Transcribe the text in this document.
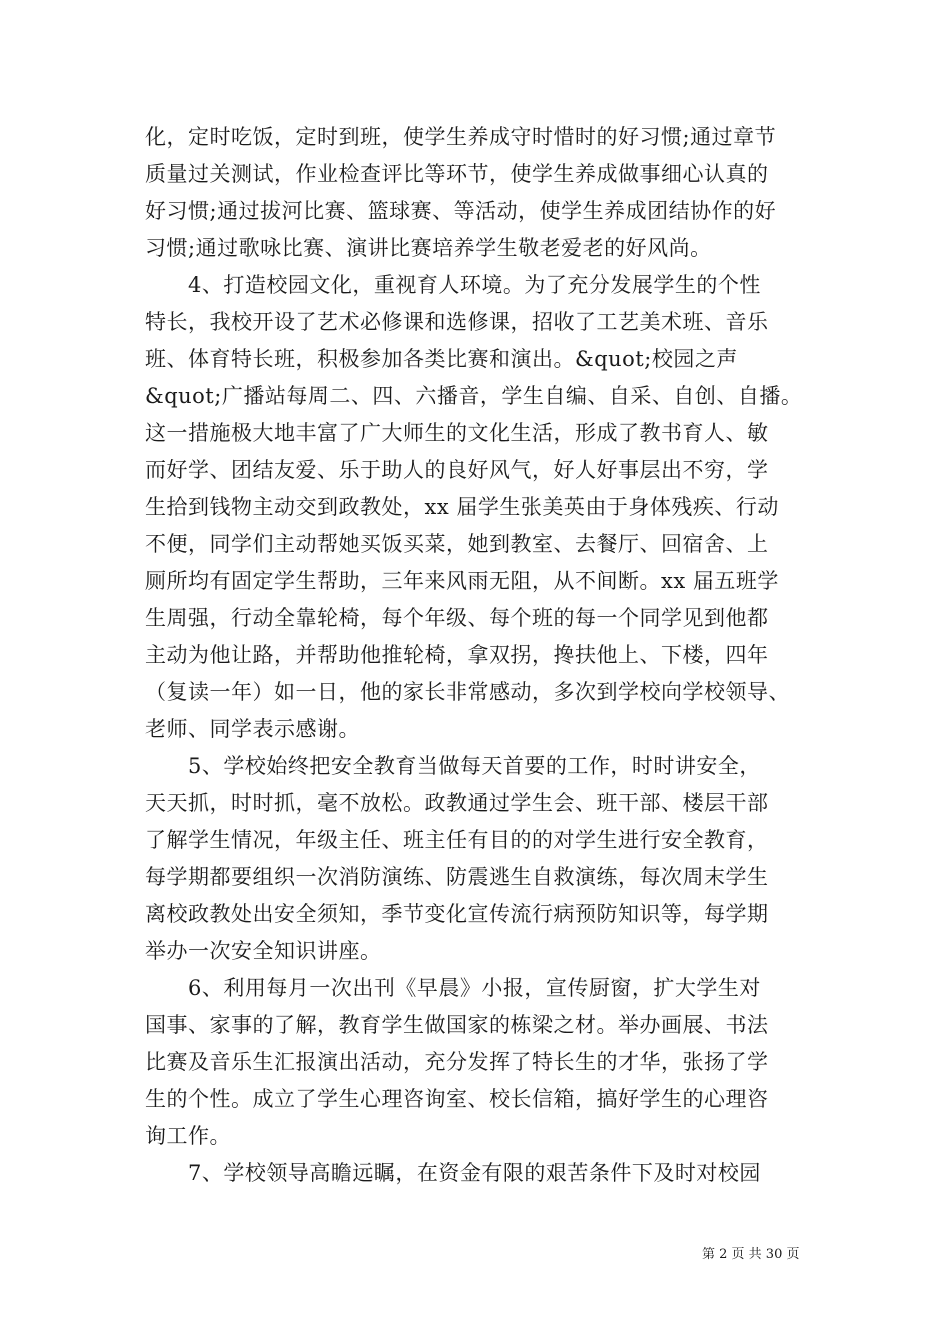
化，定时吃饭，定时到班，使学生养成守时惜时的好习惯;通过章节

质量过关测试，作业检查评比等环节，使学生养成做事细心认真的

好习惯;通过拔河比赛、篮球赛、等活动，使学生养成团结协作的好

习惯;通过歌咏比赛、演讲比赛培养学生敬老爱老的好风尚。

4、打造校园文化，重视育人环境。为了充分发展学生的个性

特长，我校开设了艺术必修课和选修课，招收了工艺美术班、音乐

班、体育特长班，积极参加各类比赛和演出。&quot;校园之声

&quot;广播站每周二、四、六播音，学生自编、自采、自创、自播。

这一措施极大地丰富了广大师生的文化生活，形成了教书育人、敏

而好学、团结友爱、乐于助人的良好风气，好人好事层出不穷，学

生拾到钱物主动交到政教处，xx 届学生张美英由于身体残疾、行动

不便，同学们主动帮她买饭买菜，她到教室、去餐厅、回宿舍、上

厕所均有固定学生帮助，三年来风雨无阻，从不间断。xx 届五班学

生周强，行动全靠轮椅，每个年级、每个班的每一个同学见到他都

主动为他让路，并帮助他推轮椅，拿双拐，搀扶他上、下楼，四年

（复读一年）如一日，他的家长非常感动，多次到学校向学校领导、

老师、同学表示感谢。

5、学校始终把安全教育当做每天首要的工作，时时讲安全，

天天抓，时时抓，毫不放松。政教通过学生会、班干部、楼层干部

了解学生情况，年级主任、班主任有目的的对学生进行安全教育，

每学期都要组织一次消防演练、防震逃生自救演练，每次周末学生

离校政教处出安全须知，季节变化宣传流行病预防知识等，每学期

举办一次安全知识讲座。

6、利用每月一次出刊《早晨》小报，宣传厨窗，扩大学生对

国事、家事的了解，教育学生做国家的栋梁之材。举办画展、书法

比赛及音乐生汇报演出活动，充分发挥了特长生的才华，张扬了学

生的个性。成立了学生心理咨询室、校长信箱，搞好学生的心理咨

询工作。

7、学校领导高瞻远瞩，在资金有限的艰苦条件下及时对校园

第 2 页 共 30 页
